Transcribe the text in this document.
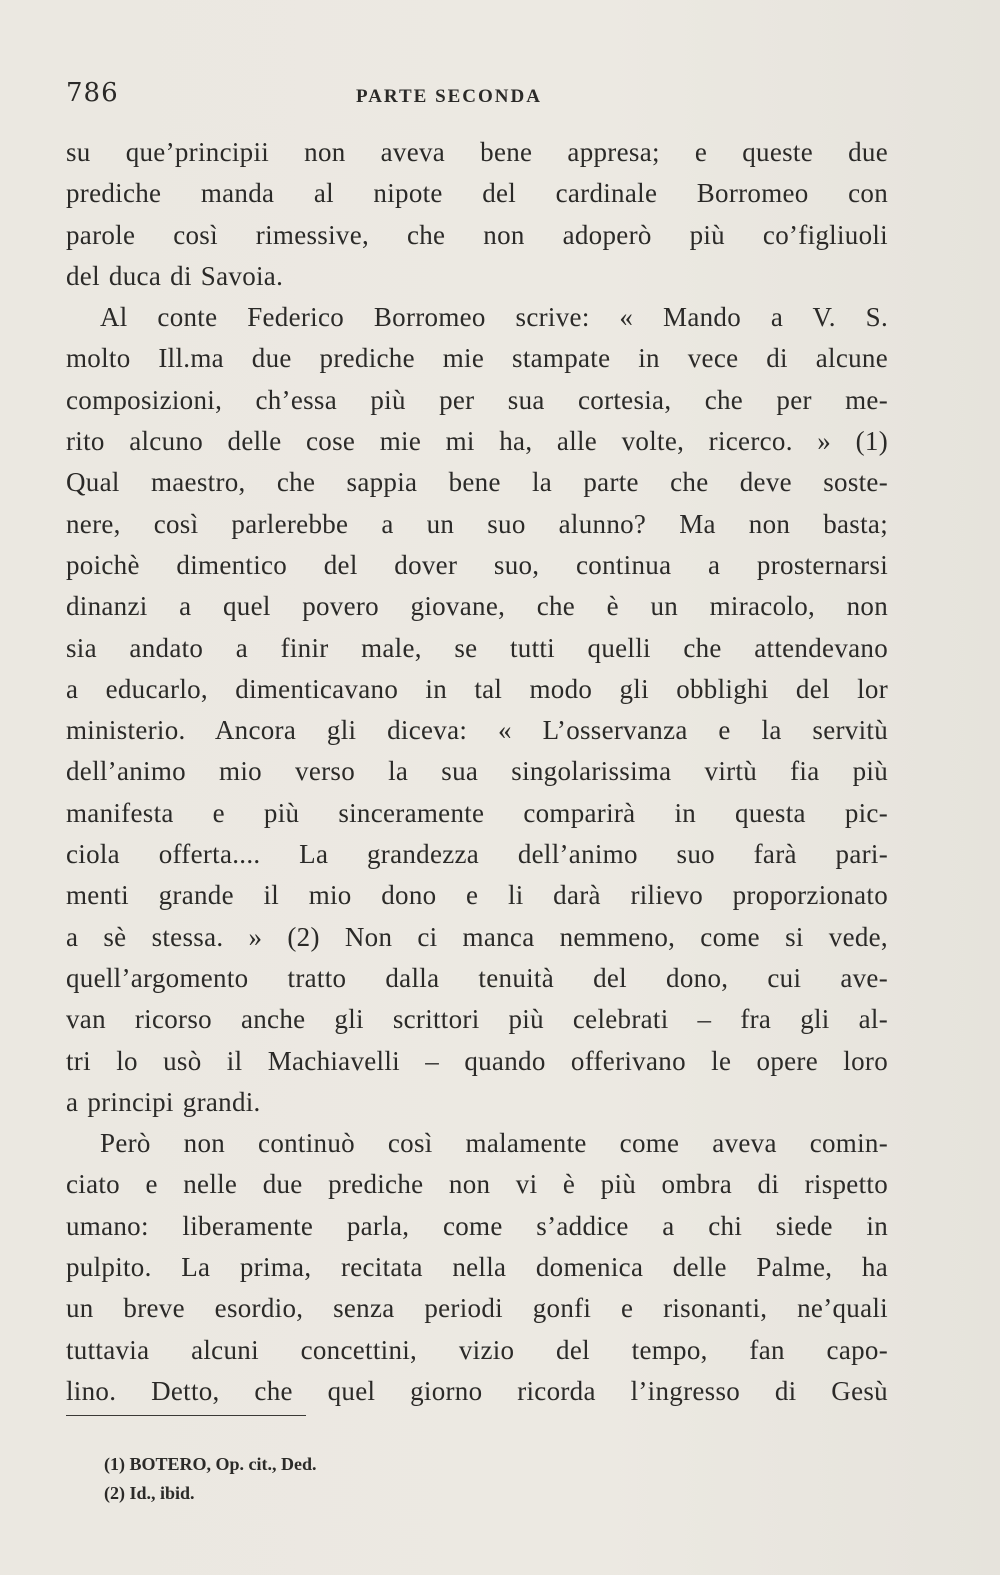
786	PARTE SECONDA
su que’principii non aveva bene appresa; e queste due
prediche manda al nipote del cardinale Borromeo con
parole così rimessive, che non adoperò più co’figliuoli
del duca di Savoia.
Al conte Federico Borromeo scrive: « Mando a V. S.
molto Ill.ma due prediche mie stampate in vece di alcune
composizioni, ch’essa più per sua cortesia, che per me-
rito alcuno delle cose mie mi ha, alle volte, ricerco. » (1)
Qual maestro, che sappia bene la parte che deve soste-
nere, così parlerebbe a un suo alunno? Ma non basta;
poichè dimentico del dover suo, continua a prosternarsi
dinanzi a quel povero giovane, che è un miracolo, non
sia andato a finir male, se tutti quelli che attendevano
a educarlo, dimenticavano in tal modo gli obblighi del lor
ministerio. Ancora gli diceva: « L’osservanza e la servitù
dell’animo mio verso la sua singolarissima virtù fia più
manifesta e più sinceramente comparirà in questa pic-
ciola offerta.... La grandezza dell’animo suo farà pari-
menti grande il mio dono e li darà rilievo proporzionato
a sè stessa. » (2) Non ci manca nemmeno, come si vede,
quell’argomento tratto dalla tenuità del dono, cui ave-
van ricorso anche gli scrittori più celebrati – fra gli al-
tri lo usò il Machiavelli – quando offerivano le opere loro
a principi grandi.
Però non continuò così malamente come aveva comin-
ciato e nelle due prediche non vi è più ombra di rispetto
umano: liberamente parla, come s’addice a chi siede in
pulpito. La prima, recitata nella domenica delle Palme, ha
un breve esordio, senza periodi gonfi e risonanti, ne’quali
tuttavia alcuni concettini, vizio del tempo, fan capo-
lino. Detto, che quel giorno ricorda l’ingresso di Gesù
(1) BOTERO, Op. cit., Ded.
(2) Id., ibid.
